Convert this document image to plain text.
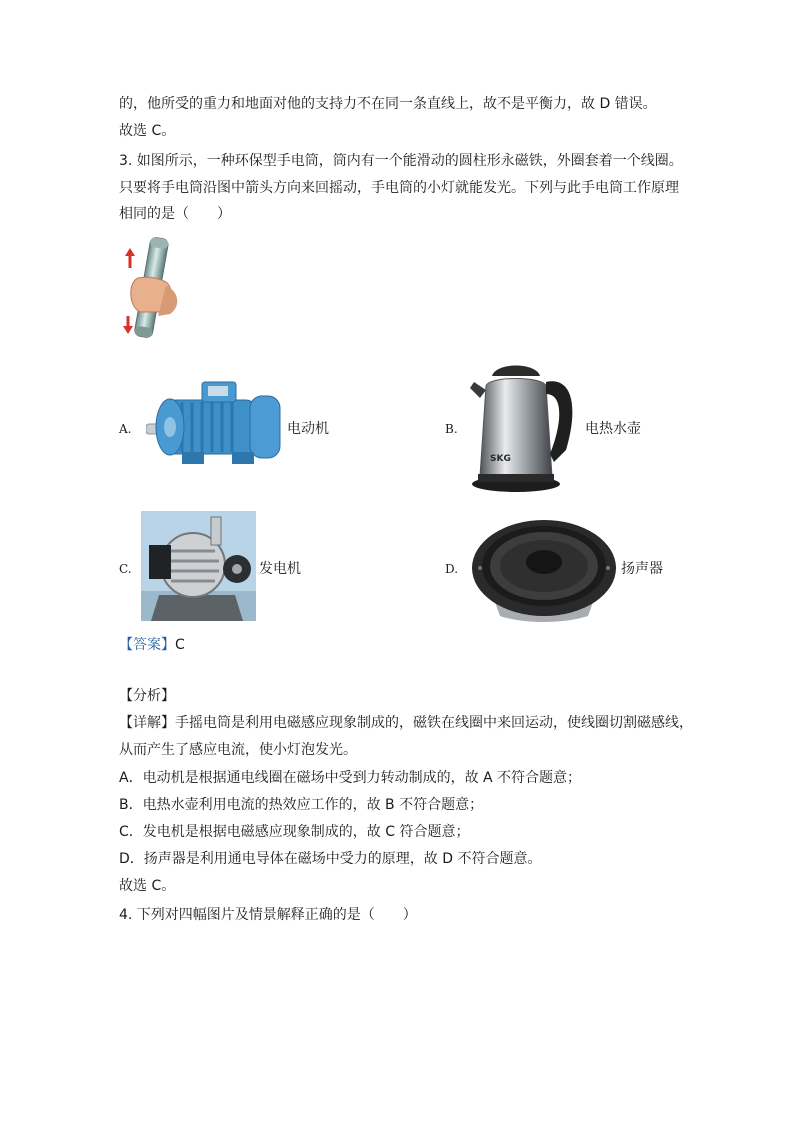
的，他所受的重力和地面对他的支持力不在同一条直线上，故不是平衡力，故 D 错误。
故选 C。
3. 如图所示，一种环保型手电筒，筒内有一个能滑动的圆柱形永磁铁，外圈套着一个线圈。
只要将手电筒沿图中箭头方向来回摇动，手电筒的小灯就能发光。下列与此手电筒工作原理
相同的是（　　）
A.	电动机	B.
SKG
电热水壶
C.	发电机	D.	扬声器
【答案】C
【分析】
【详解】手摇电筒是利用电磁感应现象制成的，磁铁在线圈中来回运动，使线圈切割磁感线，
从而产生了感应电流，使小灯泡发光。
A．电动机是根据通电线圈在磁场中受到力转动制成的，故 A 不符合题意；
B．电热水壶利用电流的热效应工作的，故 B 不符合题意；
C．发电机是根据电磁感应现象制成的，故 C 符合题意；
D．扬声器是利用通电导体在磁场中受力的原理，故 D 不符合题意。
故选 C。
4. 下列对四幅图片及情景解释正确的是（　　）
